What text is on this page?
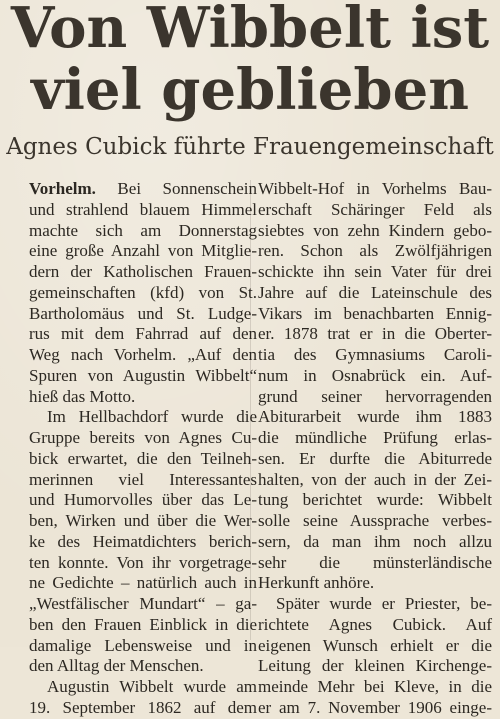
Von Wibbelt ist
viel geblieben
Agnes Cubick führte Frauengemeinschaft
Vorhelm. Bei Sonnenschein
und strahlend blauem Himmel
machte sich am Donnerstag
eine große Anzahl von Mitglie-
dern der Katholischen Frauen-
gemeinschaften (kfd) von St.
Bartholomäus und St. Ludge-
rus mit dem Fahrrad auf den
Weg nach Vorhelm. „Auf den
Spuren von Augustin Wibbelt“
hieß das Motto.
Im Hellbachdorf wurde die
Gruppe bereits von Agnes Cu-
bick erwartet, die den Teilneh-
merinnen viel Interessantes
und Humorvolles über das Le-
ben, Wirken und über die Wer-
ke des Heimatdichters berich-
ten konnte. Von ihr vorgetrage-
ne Gedichte – natürlich auch in
„Westfälischer Mundart“ – ga-
ben den Frauen Einblick in die
damalige Lebensweise und in
den Alltag der Menschen.
Augustin Wibbelt wurde am
19. September 1862 auf dem
Wibbelt-Hof in Vorhelms Bau-
erschaft Schäringer Feld als
siebtes von zehn Kindern gebo-
ren. Schon als Zwölfjährigen
schickte ihn sein Vater für drei
Jahre auf die Lateinschule des
Vikars im benachbarten Ennig-
er. 1878 trat er in die Oberter-
tia des Gymnasiums Caroli-
num in Osnabrück ein. Auf-
grund seiner hervorragenden
Abiturarbeit wurde ihm 1883
die mündliche Prüfung erlas-
sen. Er durfte die Abiturrede
halten, von der auch in der Zei-
tung berichtet wurde: Wibbelt
solle seine Aussprache verbes-
sern, da man ihm noch allzu
sehr die münsterländische
Herkunft anhöre.
Später wurde er Priester, be-
richtete Agnes Cubick. Auf
eigenen Wunsch erhielt er die
Leitung der kleinen Kirchenge-
meinde Mehr bei Kleve, in die
er am 7. November 1906 einge-
